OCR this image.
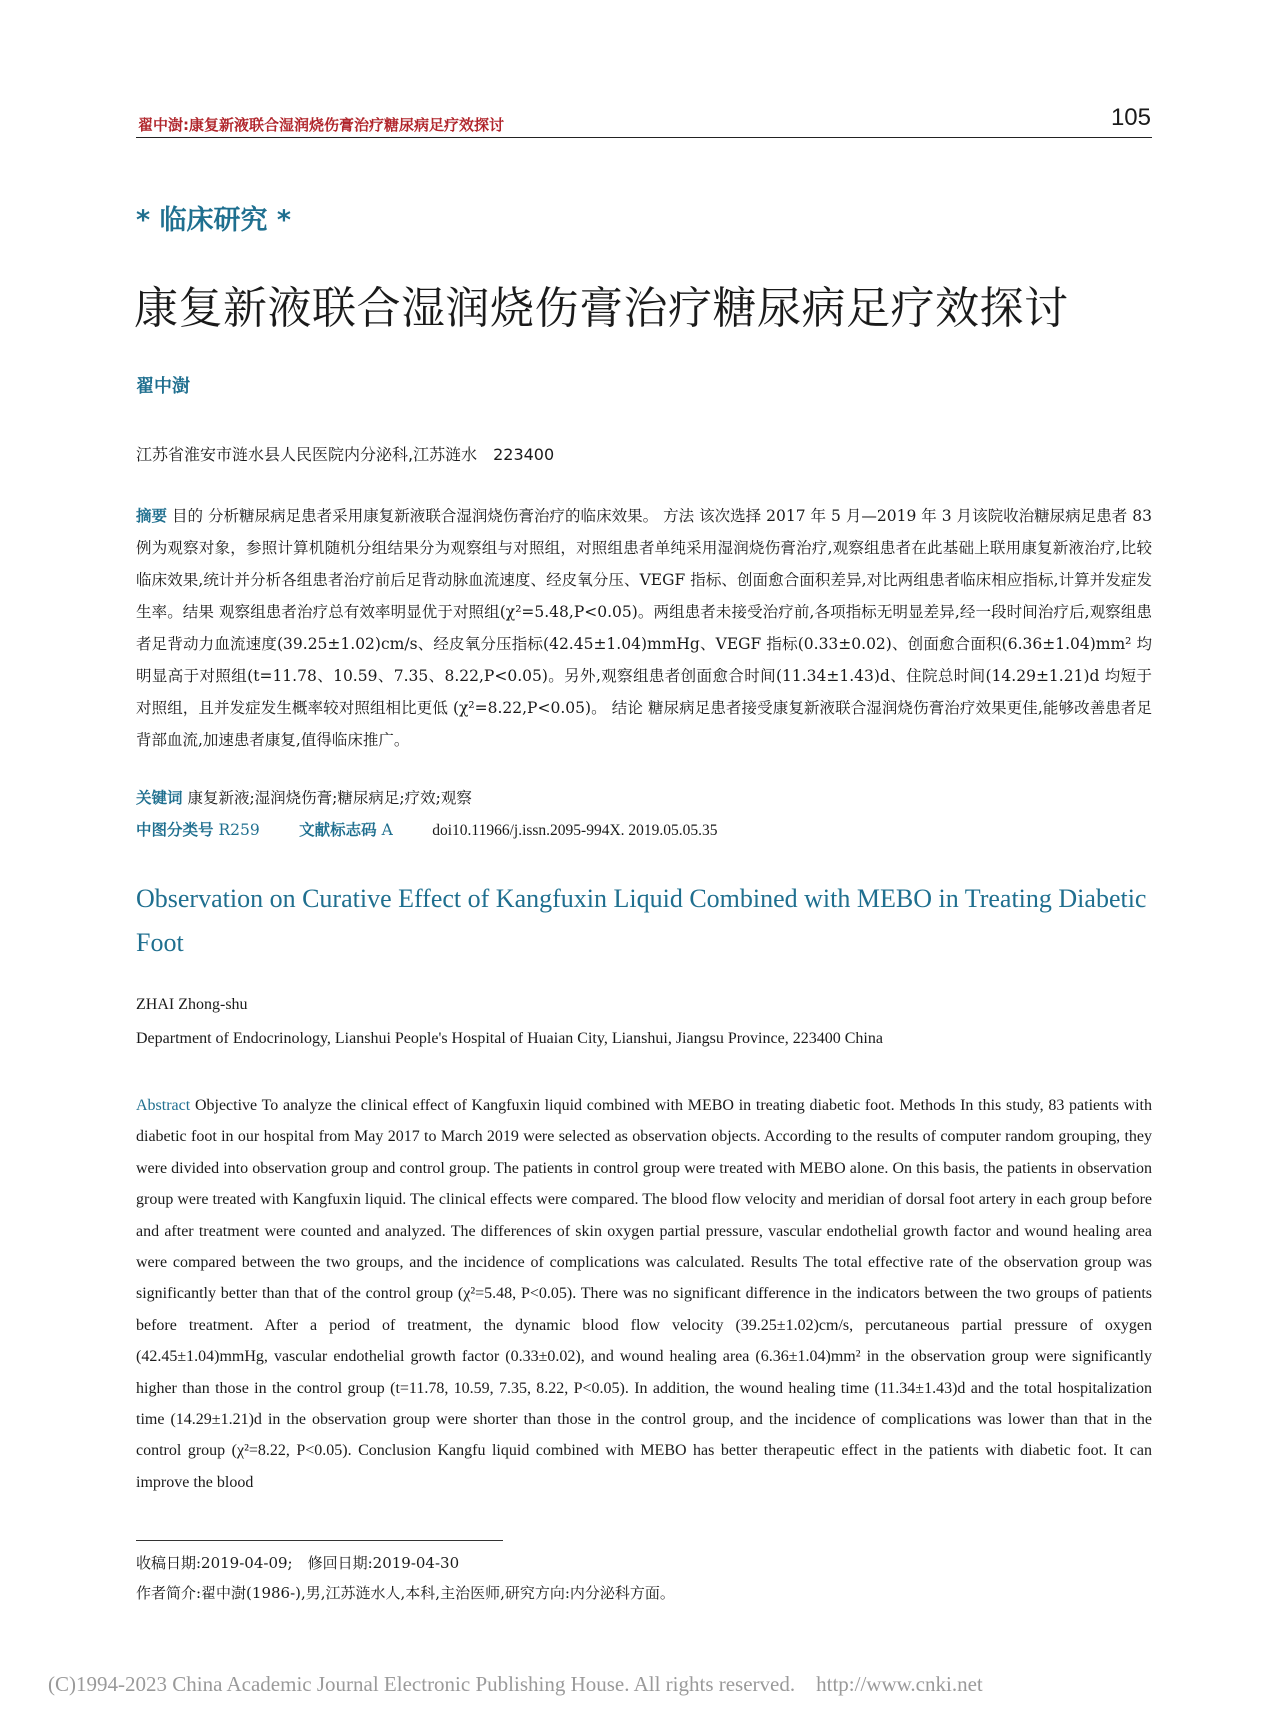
翟中澍:康复新液联合湿润烧伤膏治疗糖尿病足疗效探讨	105
* 临床研究 *
康复新液联合湿润烧伤膏治疗糖尿病足疗效探讨
翟中澍
江苏省淮安市涟水县人民医院内分泌科,江苏涟水　223400
摘要 目的 分析糖尿病足患者采用康复新液联合湿润烧伤膏治疗的临床效果。 方法 该次选择 2017 年 5 月—2019 年 3 月该院收治糖尿病足患者 83 例为观察对象，参照计算机随机分组结果分为观察组与对照组，对照组患者单纯采用湿润烧伤膏治疗,观察组患者在此基础上联用康复新液治疗,比较临床效果,统计并分析各组患者治疗前后足背动脉血流速度、经皮氧分压、VEGF 指标、创面愈合面积差异,对比两组患者临床相应指标,计算并发症发生率。结果 观察组患者治疗总有效率明显优于对照组(χ²=5.48,P<0.05)。两组患者未接受治疗前,各项指标无明显差异,经一段时间治疗后,观察组患者足背动力血流速度(39.25±1.02)cm/s、经皮氧分压指标(42.45±1.04)mmHg、VEGF 指标(0.33±0.02)、创面愈合面积(6.36±1.04)mm² 均明显高于对照组(t=11.78、10.59、7.35、8.22,P<0.05)。另外,观察组患者创面愈合时间(11.34±1.43)d、住院总时间(14.29±1.21)d 均短于对照组，且并发症发生概率较对照组相比更低 (χ²=8.22,P<0.05)。 结论 糖尿病足患者接受康复新液联合湿润烧伤膏治疗效果更佳,能够改善患者足背部血流,加速患者康复,值得临床推广。
关键词 康复新液;湿润烧伤膏;糖尿病足;疗效;观察
中图分类号 R259	文献标志码 A	doi10.11966/j.issn.2095-994X. 2019.05.05.35
Observation on Curative Effect of Kangfuxin Liquid Combined with MEBO in Treating Diabetic Foot
ZHAI Zhong-shu
Department of Endocrinology, Lianshui People's Hospital of Huaian City, Lianshui, Jiangsu Province, 223400 China
Abstract Objective To analyze the clinical effect of Kangfuxin liquid combined with MEBO in treating diabetic foot. Methods In this study, 83 patients with diabetic foot in our hospital from May 2017 to March 2019 were selected as observation objects. According to the results of computer random grouping, they were divided into observation group and control group. The patients in control group were treated with MEBO alone. On this basis, the patients in observation group were treated with Kangfuxin liquid. The clinical effects were compared. The blood flow velocity and meridian of dorsal foot artery in each group before and after treatment were counted and analyzed. The differences of skin oxygen partial pressure, vascular endothelial growth factor and wound healing area were compared between the two groups, and the incidence of complications was calculated. Results The total effective rate of the observation group was significantly better than that of the control group (χ²=5.48, P<0.05). There was no significant difference in the indicators between the two groups of patients before treatment. After a period of treatment, the dynamic blood flow velocity (39.25±1.02)cm/s, percutaneous partial pressure of oxygen (42.45±1.04)mmHg, vascular endothelial growth factor (0.33±0.02), and wound healing area (6.36±1.04)mm² in the observation group were significantly higher than those in the control group (t=11.78, 10.59, 7.35, 8.22, P<0.05). In addition, the wound healing time (11.34±1.43)d and the total hospitalization time (14.29±1.21)d in the observation group were shorter than those in the control group, and the incidence of complications was lower than that in the control group (χ²=8.22, P<0.05). Conclusion Kangfu liquid combined with MEBO has better therapeutic effect in the patients with diabetic foot. It can improve the blood
收稿日期:2019-04-09;　修回日期:2019-04-30
作者简介:翟中澍(1986-),男,江苏涟水人,本科,主治医师,研究方向:内分泌科方面。
(C)1994-2023 China Academic Journal Electronic Publishing House. All rights reserved.    http://www.cnki.net
